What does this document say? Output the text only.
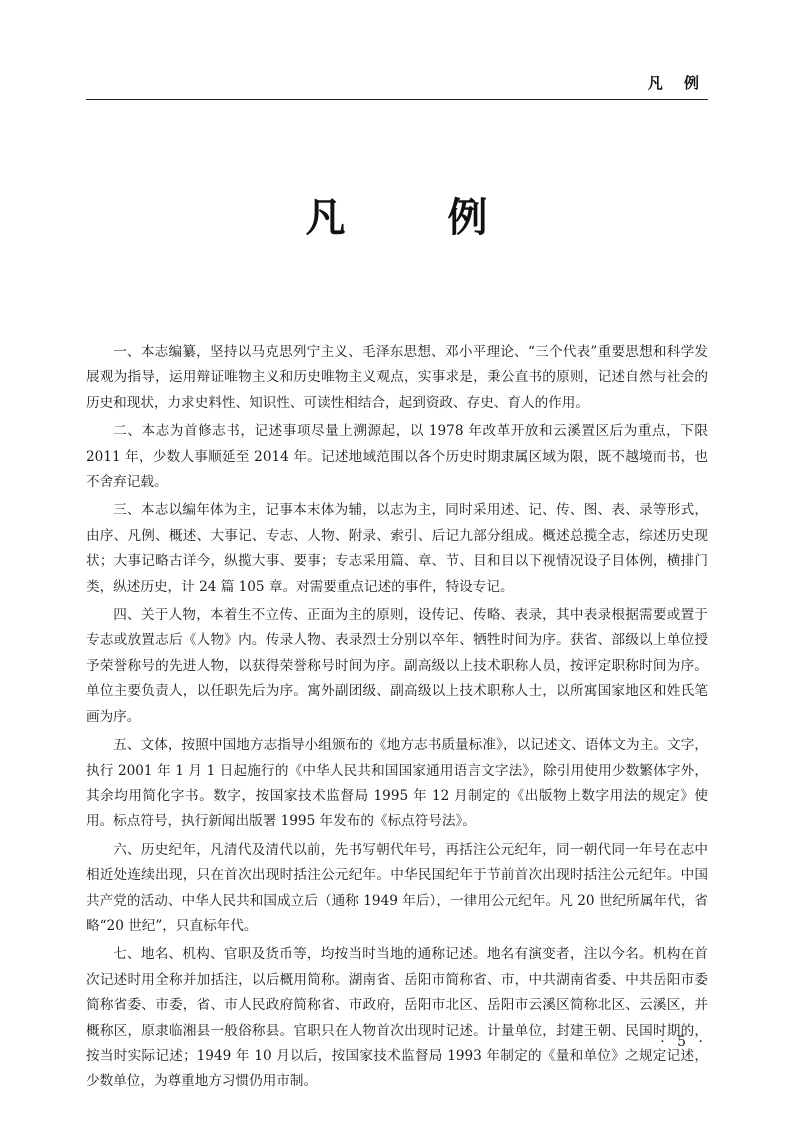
凡 例
凡 例

一、本志编纂，坚持以马克思列宁主义、毛泽东思想、邓小平理论、“三个代表”重要思想和科学发展观为指导，运用辩证唯物主义和历史唯物主义观点，实事求是，秉公直书的原则，记述自然与社会的历史和现状，力求史料性、知识性、可读性相结合，起到资政、存史、育人的作用。

二、本志为首修志书，记述事项尽量上溯源起，以 1978 年改革开放和云溪置区后为重点，下限 2011 年，少数人事顺延至 2014 年。记述地域范围以各个历史时期隶属区域为限，既不越境而书，也不舍弃记载。

三、本志以编年体为主，记事本末体为辅，以志为主，同时采用述、记、传、图、表、录等形式，由序、凡例、概述、大事记、专志、人物、附录、索引、后记九部分组成。概述总揽全志，综述历史现状；大事记略古详今，纵揽大事、要事；专志采用篇、章、节、目和目以下视情况设子目体例，横排门类，纵述历史，计 24 篇 105 章。对需要重点记述的事件，特设专记。

四、关于人物，本着生不立传、正面为主的原则，设传记、传略、表录，其中表录根据需要或置于专志或放置志后《人物》内。传录人物、表录烈士分别以卒年、牺牲时间为序。获省、部级以上单位授予荣誉称号的先进人物，以获得荣誉称号时间为序。副高级以上技术职称人员，按评定职称时间为序。单位主要负责人，以任职先后为序。寓外副团级、副高级以上技术职称人士，以所寓国家地区和姓氏笔画为序。

五、文体，按照中国地方志指导小组颁布的《地方志书质量标准》，以记述文、语体文为主。文字，执行 2001 年 1 月 1 日起施行的《中华人民共和国国家通用语言文字法》，除引用使用少数繁体字外，其余均用简化字书。数字，按国家技术监督局 1995 年 12 月制定的《出版物上数字用法的规定》使用。标点符号，执行新闻出版署 1995 年发布的《标点符号法》。

六、历史纪年，凡清代及清代以前，先书写朝代年号，再括注公元纪年，同一朝代同一年号在志中相近处连续出现，只在首次出现时括注公元纪年。中华民国纪年于节前首次出现时括注公元纪年。中国共产党的活动、中华人民共和国成立后（通称 1949 年后），一律用公元纪年。凡 20 世纪所属年代，省略“20 世纪”，只直标年代。

七、地名、机构、官职及货币等，均按当时当地的通称记述。地名有演变者，注以今名。机构在首次记述时用全称并加括注，以后概用简称。湖南省、岳阳市简称省、市，中共湖南省委、中共岳阳市委简称省委、市委，省、市人民政府简称省、市政府，岳阳市北区、岳阳市云溪区简称北区、云溪区，并概称区，原隶临湘县一般俗称县。官职只在人物首次出现时记述。计量单位，封建王朝、民国时期的，按当时实际记述；1949 年 10 月以后，按国家技术监督局 1993 年制定的《量和单位》之规定记述，少数单位，为尊重地方习惯仍用市制。

· 5 ·
